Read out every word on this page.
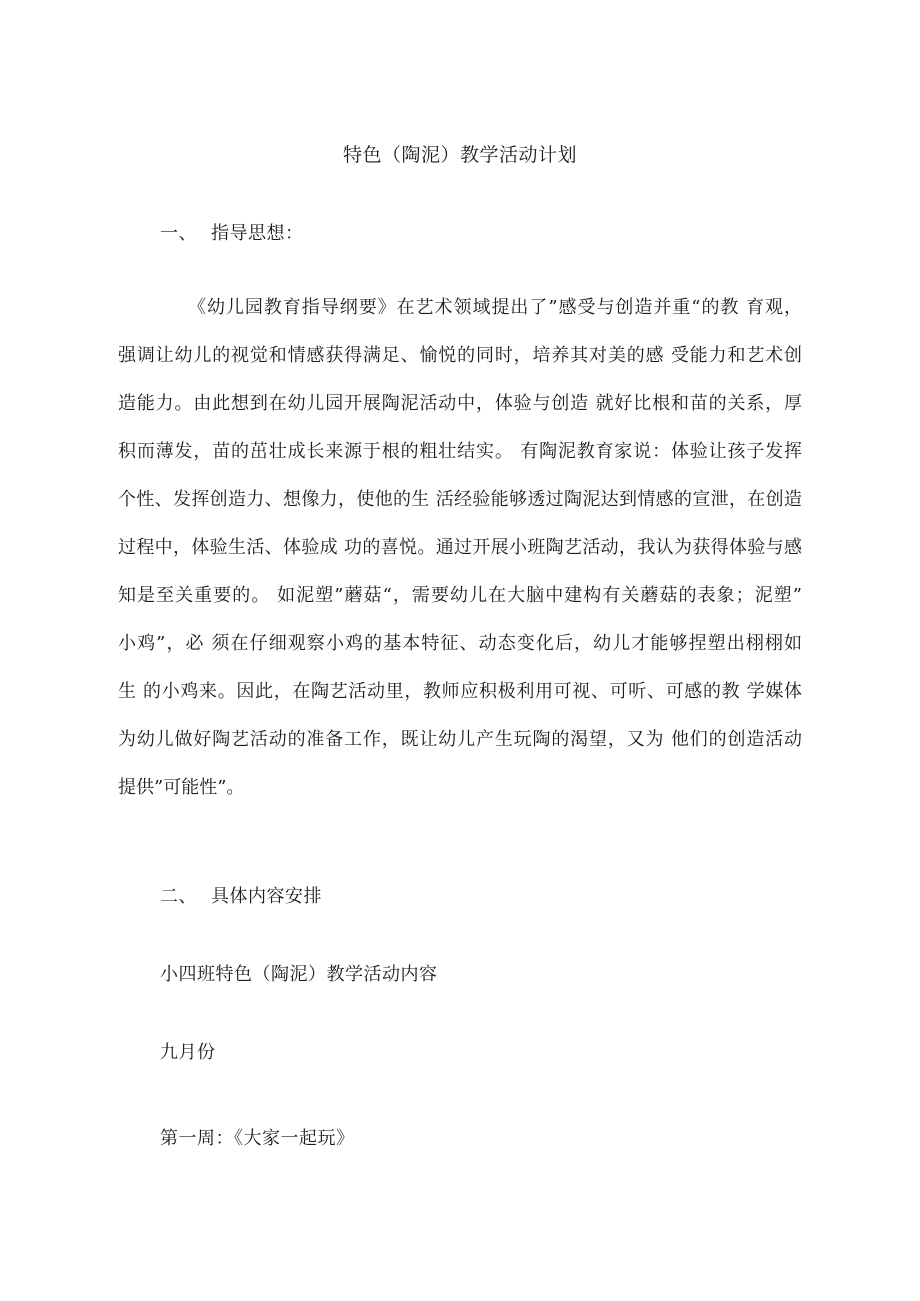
特色（陶泥）教学活动计划
一、 指导思想：
《幼儿园教育指导纲要》在艺术领域提出了”感受与创造并重“的教 育观，
强调让幼儿的视觉和情感获得满足、愉悦的同时，培养其对美的感 受能力和艺术创
造能力。由此想到在幼儿园开展陶泥活动中，体验与创造 就好比根和苗的关系，厚
积而薄发，苗的茁壮成长来源于根的粗壮结实。 有陶泥教育家说：体验让孩子发挥
个性、发挥创造力、想像力，使他的生 活经验能够透过陶泥达到情感的宣泄，在创造
过程中，体验生活、体验成 功的喜悦。通过开展小班陶艺活动，我认为获得体验与感
知是至关重要的。 如泥塑”蘑菇“，需要幼儿在大脑中建构有关蘑菇的表象；泥塑”
小鸡”，必 须在仔细观察小鸡的基本特征、动态变化后，幼儿才能够捏塑出栩栩如
生 的小鸡来。因此，在陶艺活动里，教师应积极利用可视、可听、可感的教 学媒体
为幼儿做好陶艺活动的准备工作，既让幼儿产生玩陶的渴望，又为 他们的创造活动
提供”可能性”。
二、 具体内容安排
小四班特色（陶泥）教学活动内容
九月份
第一周：《大家一起玩》
